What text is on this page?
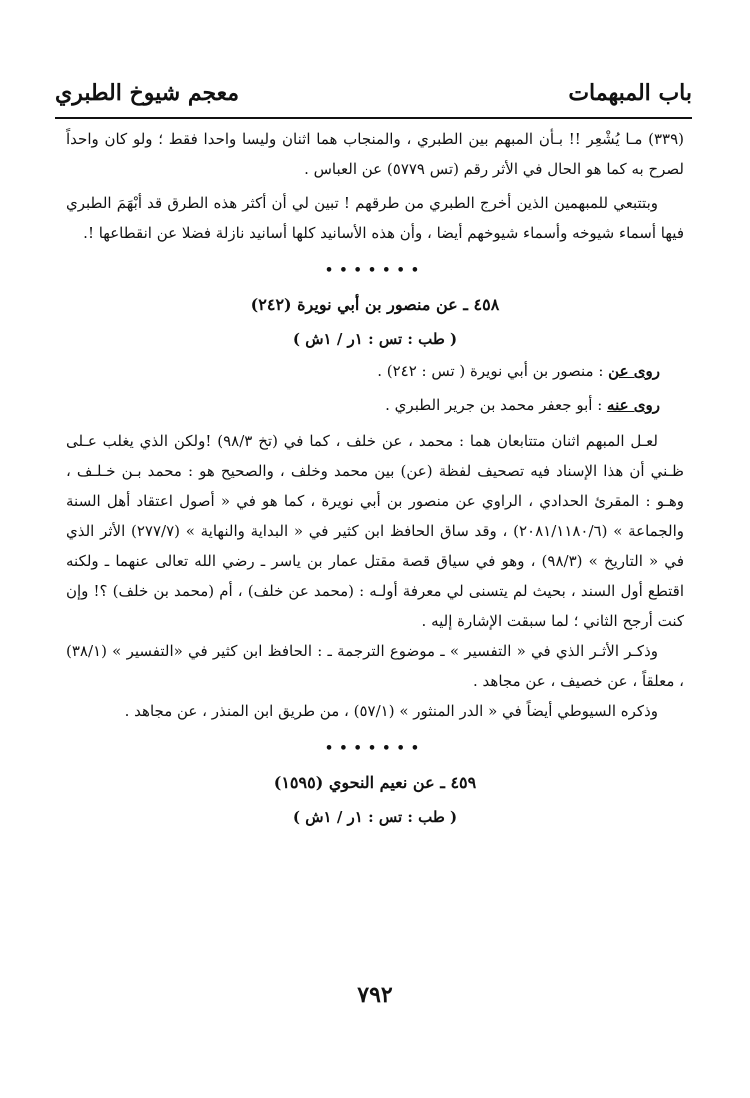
باب المبهمات
معجم شيوخ الطبري

(٣٣٩) مـا يُشْعِر !! بـأن المبهم بين الطبري ، والمنجاب هما اثنان وليسا واحدا فقط ؛ ولو كان واحداً لصرح به كما هو الحال في الأثر رقم (تس ٥٧٧٩) عن العباس .

وبتتبعي للمبهمين الذين أخرج الطبري من طرقهم ! تبين لي أن أكثر هذه الطرق قد أبْهَمَ الطبري فيها أسماء شيوخه وأسماء شيوخهم أيضا ، وأن هذه الأسانيد كلها أسانيد نازلة فضلا عن انقطاعها !.

•••••••
٤٥٨ ـ عن منصور بن أبي نويرة (٢٤٢)
( طب : تس : ١ر / ١ش )
روى عن : منصور بن أبي نويرة ( تس : ٢٤٢) .
روى عنه : أبو جعفر محمد بن جرير الطبري .

لعـل المبهم اثنان متتابعان هما : محمد ، عن خلف ، كما في (تخ ٩٨/٣) !ولكن الذي يغلب عـلى ظـني أن هذا الإسناد فيه تصحيف لفظة (عن) بين محمد وخلف ، والصحيح هو : محمد بـن خـلـف ، وهـو : المقرئ الحدادي ، الراوي عن منصور بن أبي نويرة ، كما هو في « أصول اعتقاد أهل السنة والجماعة » (٢٠٨١/١١٨٠/٦) ، وقد ساق الحافظ ابن كثير في « البداية والنهاية » (٢٧٧/٧) الأثر الذي في « التاريخ » (٩٨/٣) ، وهو في سياق قصة مقتل عمار بن ياسر ـ رضي الله تعالى عنهما ـ ولكنه اقتطع أول السند ، بحيث لم يتسنى لي معرفة أولـه : (محمد عن خلف) ، أم (محمد بن خلف) ؟! وإن كنت أرجح الثاني ؛ لما سبقت الإشارة إليه .

وذكـر الأثـر الذي في « التفسير » ـ موضوع الترجمة ـ : الحافظ ابن كثير في «التفسير » (٣٨/١) ، معلقاً ، عن خصيف ، عن مجاهد .

وذكره السيوطي أيضاً في « الدر المنثور » (٥٧/١) ، من طريق ابن المنذر ، عن مجاهد .

•••••••
٤٥٩ ـ عن نعيم النحوي (١٥٩٥)
( طب : تس : ١ر / ١ش )
٧٩٢
